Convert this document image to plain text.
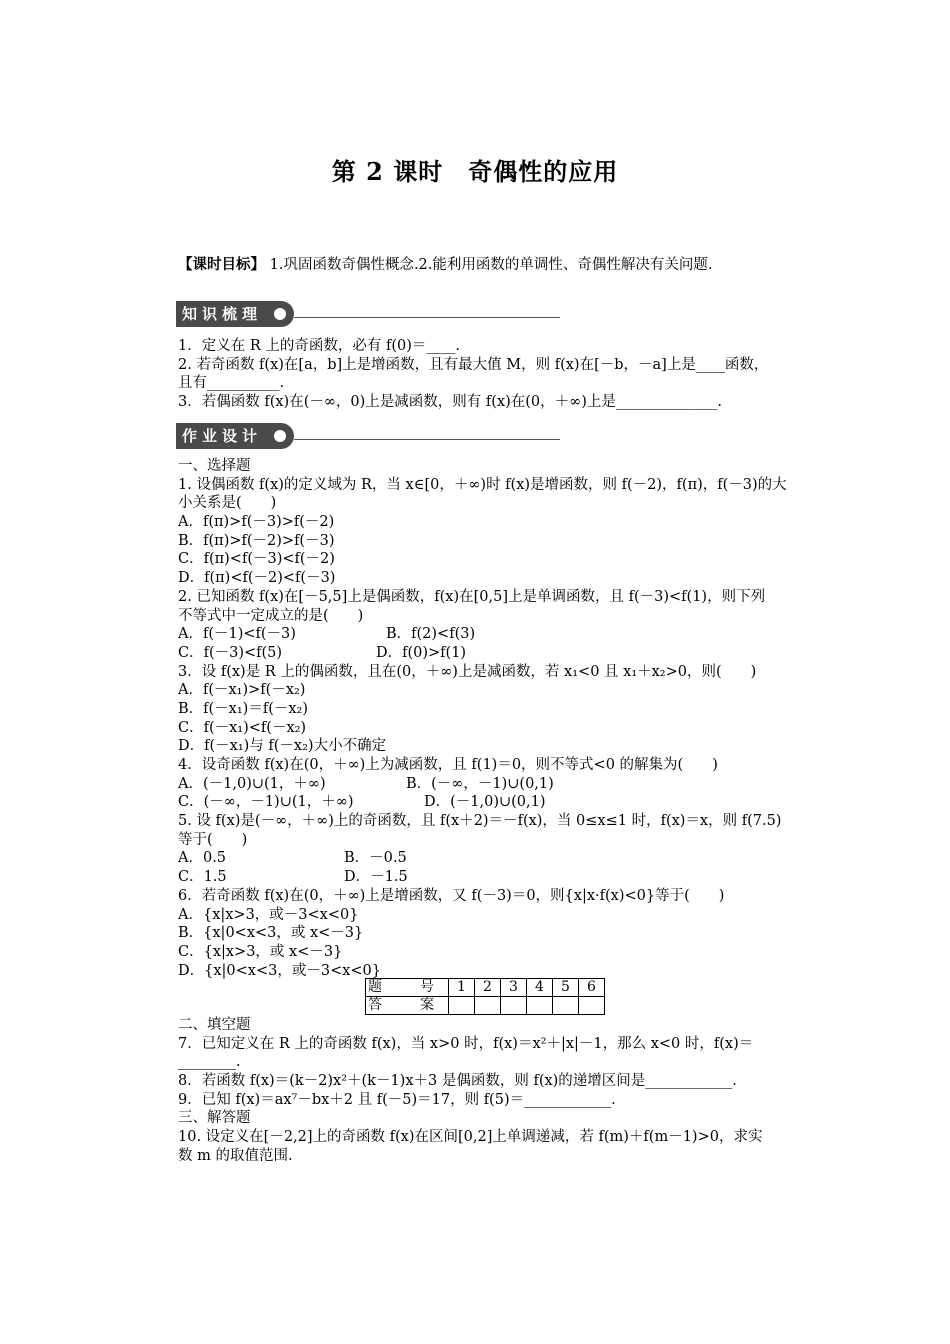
第 2 课时　奇偶性的应用
【课时目标】 1.巩固函数奇偶性概念.2.能利用函数的单调性、奇偶性解决有关问题.
知识梳理
1．定义在 R 上的奇函数，必有 f(0)＝____.
2. 若奇函数 f(x)在[a，b]上是增函数，且有最大值 M，则 f(x)在[－b，－a]上是____函数，
且有__________.
3．若偶函数 f(x)在(－∞，0)上是减函数，则有 f(x)在(0，＋∞)上是______________.
作业设计
一、选择题
1. 设偶函数 f(x)的定义域为 R，当 x∈[0，＋∞)时 f(x)是增函数，则 f(－2)，f(π)，f(－3)的大
小关系是(　　)
A．f(π)>f(－3)>f(－2)
B．f(π)>f(－2)>f(－3)
C．f(π)<f(－3)<f(－2)
D．f(π)<f(－2)<f(－3)
2. 已知函数 f(x)在[－5,5]上是偶函数，f(x)在[0,5]上是单调函数，且 f(－3)<f(1)，则下列
不等式中一定成立的是(　　)
A．f(－1)<f(－3)	B．f(2)<f(3)
C．f(－3)<f(5)	D．f(0)>f(1)
3．设 f(x)是 R 上的偶函数，且在(0，＋∞)上是减函数，若 x₁<0 且 x₁＋x₂>0，则(　　)
A．f(－x₁)>f(－x₂)
B．f(－x₁)＝f(－x₂)
C．f(－x₁)<f(－x₂)
D．f(－x₁)与 f(－x₂)大小不确定
4．设奇函数 f(x)在(0，＋∞)上为减函数，且 f(1)＝0，则不等式<0 的解集为(　　)
A．(－1,0)∪(1，＋∞)	B．(－∞，－1)∪(0,1)
C．(－∞，－1)∪(1，＋∞)	D．(－1,0)∪(0,1)
5. 设 f(x)是(－∞，＋∞)上的奇函数，且 f(x＋2)＝－f(x)，当 0≤x≤1 时，f(x)＝x，则 f(7.5)
等于(　　)
A．0.5	B．－0.5
C．1.5	D．－1.5
6．若奇函数 f(x)在(0，＋∞)上是增函数，又 f(－3)＝0，则{x|x·f(x)<0}等于(　　)
A．{x|x>3，或－3<x<0}
B．{x|0<x<3，或 x<－3}
C．{x|x>3，或 x<－3}
D．{x|0<x<3，或－3<x<0}
题　号	1	2	3	4	5	6
答　案						
二、填空题
7．已知定义在 R 上的奇函数 f(x)，当 x>0 时，f(x)＝x²＋|x|－1，那么 x<0 时，f(x)＝
________.
8．若函数 f(x)＝(k－2)x²＋(k－1)x＋3 是偶函数，则 f(x)的递增区间是____________.
9．已知 f(x)＝ax⁷－bx＋2 且 f(－5)＝17，则 f(5)＝____________.
三、解答题
10. 设定义在[－2,2]上的奇函数 f(x)在区间[0,2]上单调递减，若 f(m)＋f(m－1)>0，求实
数 m 的取值范围.
